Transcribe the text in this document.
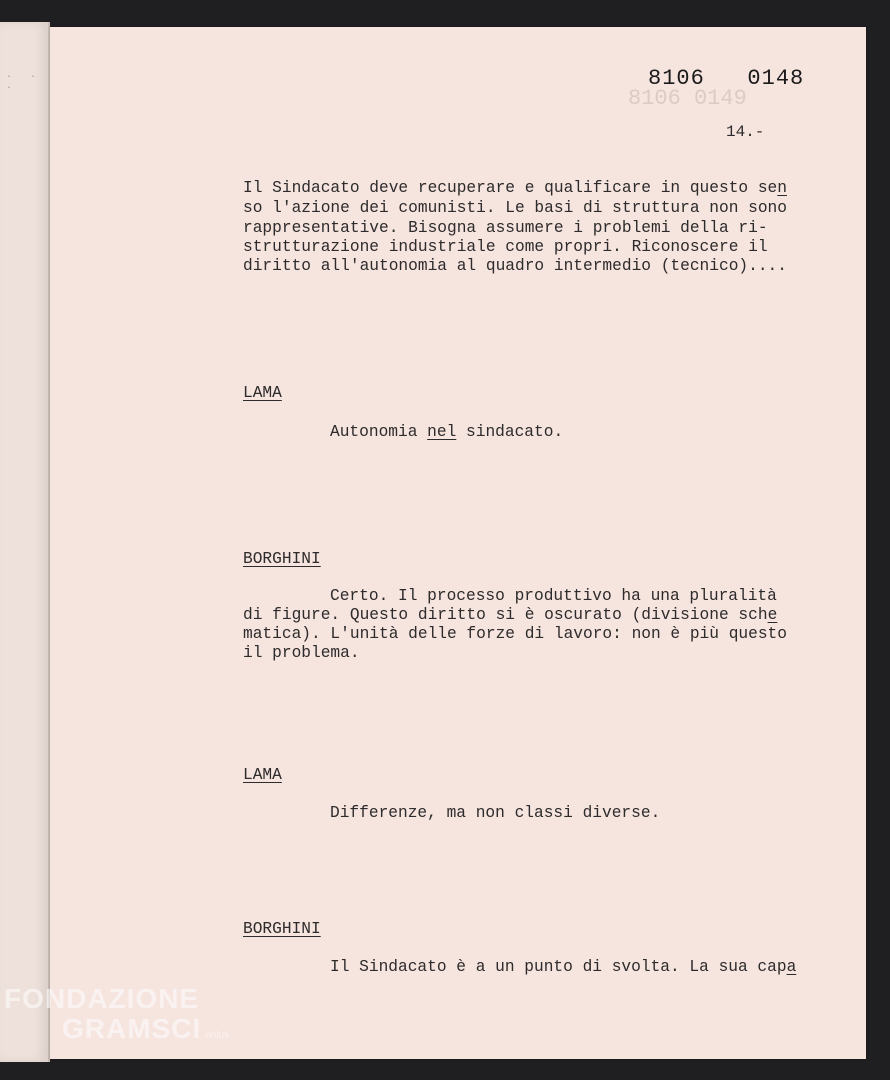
· · ·	8106 0149
8106   0148
14.-
Il Sindacato deve recuperare e qualificare in questo sen
so l'azione dei comunisti. Le basi di struttura non sono
rappresentative. Bisogna assumere i problemi della ri-
strutturazione industriale come propri. Riconoscere il
diritto all'autonomia al quadro intermedio (tecnico)....
LAMA
Autonomia nel sindacato.
BORGHINI
Certo. Il processo produttivo ha una pluralità
di figure. Questo diritto si è oscurato (divisione sche
matica). L'unità delle forze di lavoro: non è più questo
il problema.
LAMA
Differenze, ma non classi diverse.
BORGHINI
Il Sindacato è a un punto di svolta. La sua capa
FONDAZIONE
GRAMSCI onlus
